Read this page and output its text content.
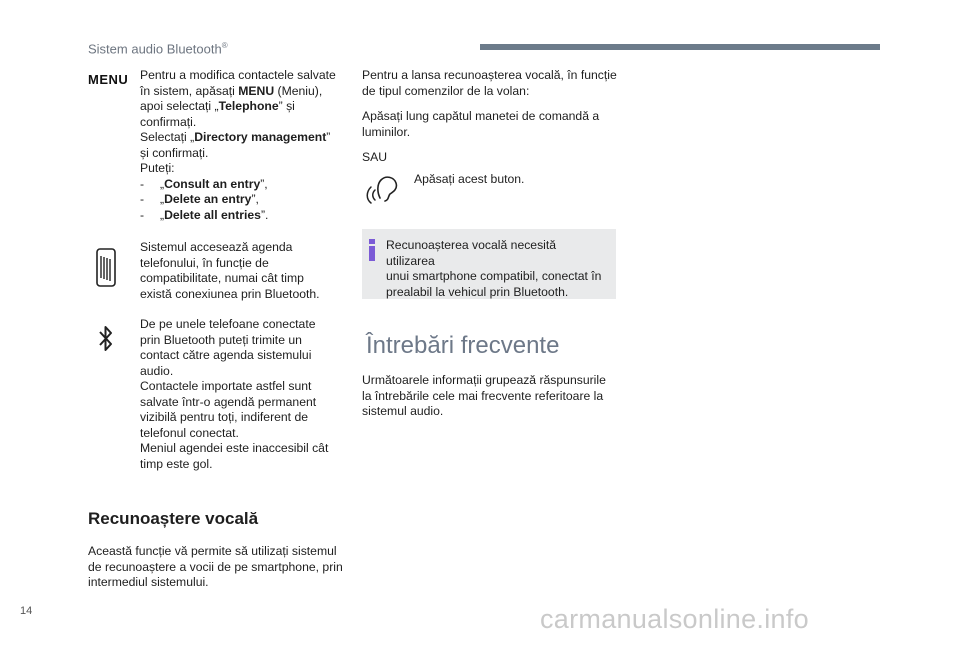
Sistem audio Bluetooth®
MENU Pentru a modifica contactele salvate

în sistem, apăsați MENU (Meniu),

apoi selectați „Telephone” și

confirmați.

Selectați „Directory management”

și confirmați.

Puteți:

- „Consult an entry”,
- „Delete an entry”,
- „Delete all entries”.

Sistemul accesează agenda

telefonului, în funcție de

compatibilitate, numai cât timp

există conexiunea prin Bluetooth.

De pe unele telefoane conectate

prin Bluetooth puteți trimite un

contact către agenda sistemului

audio.

Contactele importate astfel sunt

salvate într-o agendă permanent

vizibilă pentru toți, indiferent de

telefonul conectat.

Meniul agendei este inaccesibil cât

timp este gol.

Recunoaștere vocală

Această funcție vă permite să utilizați sistemul

de recunoaștere a vocii de pe smartphone, prin

intermediul sistemului.

Pentru a lansa recunoașterea vocală, în funcție

de tipul comenzilor de la volan:

Apăsați lung capătul manetei de comandă a

luminilor.

SAU
Apăsați acest buton.

Recunoașterea vocală necesită utilizarea

unui smartphone compatibil, conectat în

prealabil la vehicul prin Bluetooth.

Întrebări frecvente

Următoarele informații grupează răspunsurile

la întrebările cele mai frecvente referitoare la

sistemul audio.

14	carmanualsonline.info
